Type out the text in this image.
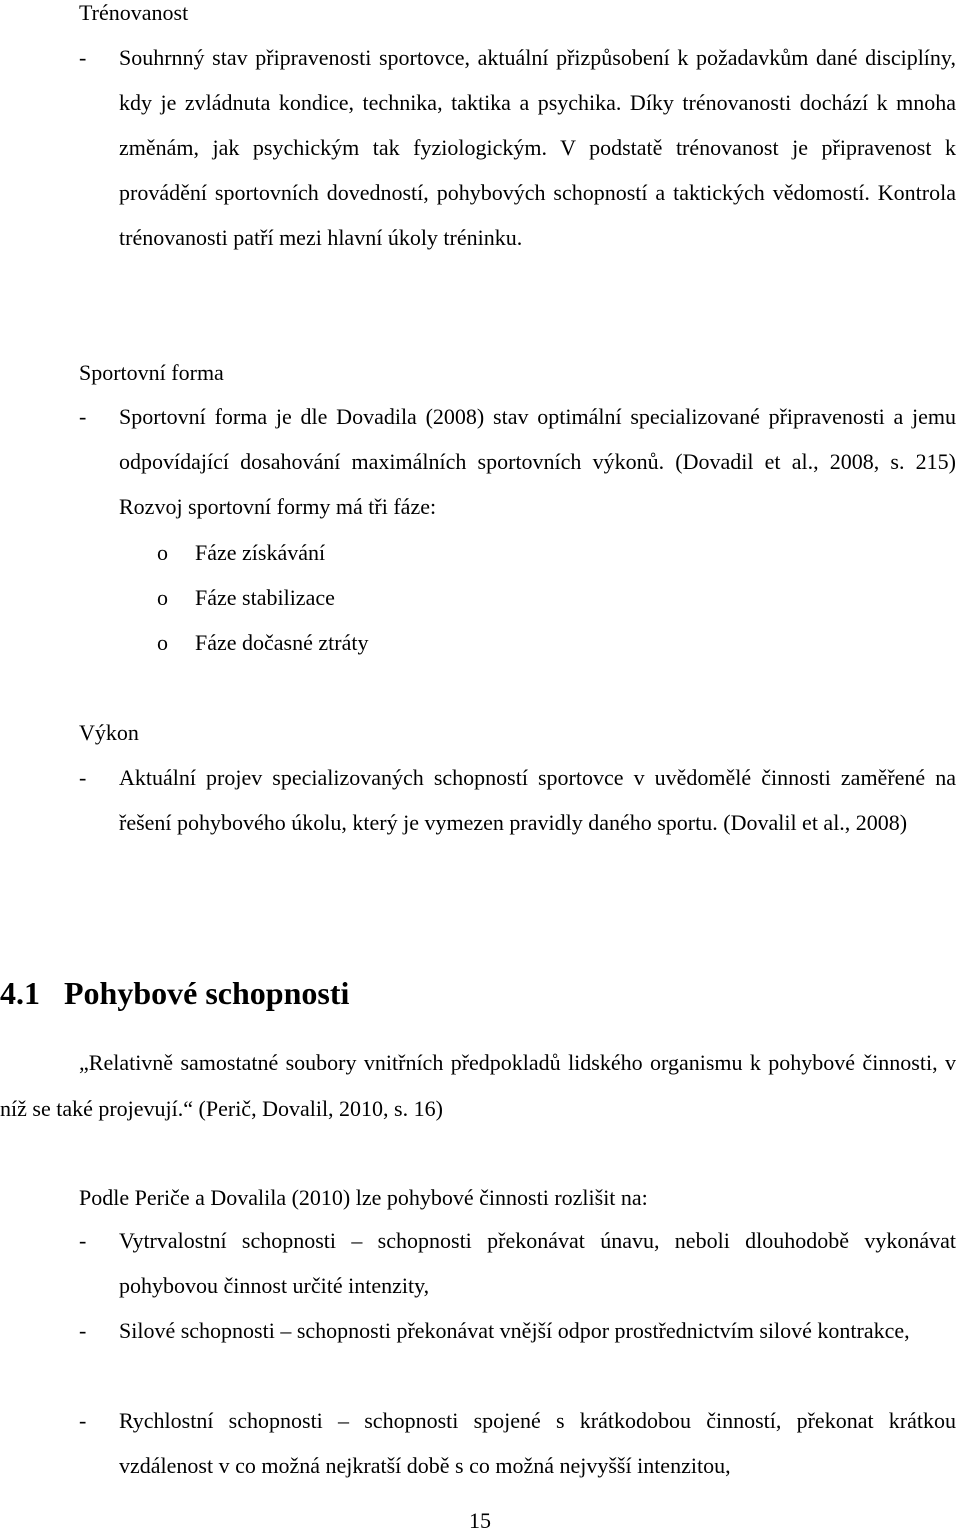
Trénovanost
-	Souhrnný stav připravenosti sportovce, aktuální přizpůsobení k požadavkům dané disciplíny, kdy je zvládnuta kondice, technika, taktika a psychika. Díky trénovanosti dochází k mnoha změnám, jak psychickým tak fyziologickým. V podstatě trénovanost je připravenost k provádění sportovních dovedností, pohybových schopností a taktických vědomostí. Kontrola trénovanosti patří mezi hlavní úkoly tréninku.
Sportovní forma
-	Sportovní forma je dle Dovadila (2008) stav optimální specializované připravenosti a jemu odpovídající dosahování maximálních sportovních výkonů. (Dovadil et al., 2008, s. 215) Rozvoj sportovní formy má tři fáze:
o Fáze získávání
o Fáze stabilizace
o Fáze dočasné ztráty
Výkon
-	Aktuální projev specializovaných schopností sportovce v uvědomělé činnosti zaměřené na řešení pohybového úkolu, který je vymezen pravidly daného sportu. (Dovalil et al., 2008)
4.1 Pohybové schopnosti
„Relativně samostatné soubory vnitřních předpokladů lidského organismu k pohybové činnosti, v níž se také projevují.“ (Perič, Dovalil, 2010, s. 16)
Podle Periče a Dovalila (2010) lze pohybové činnosti rozlišit na:
-	Vytrvalostní schopnosti – schopnosti překonávat únavu, neboli dlouhodobě vykonávat pohybovou činnost určité intenzity,
-	Silové schopnosti – schopnosti překonávat vnější odpor prostřednictvím silové kontrakce,
-	Rychlostní schopnosti – schopnosti spojené s krátkodobou činností, překonat krátkou vzdálenost v co možná nejkratší době s co možná nejvyšší intenzitou,
15
